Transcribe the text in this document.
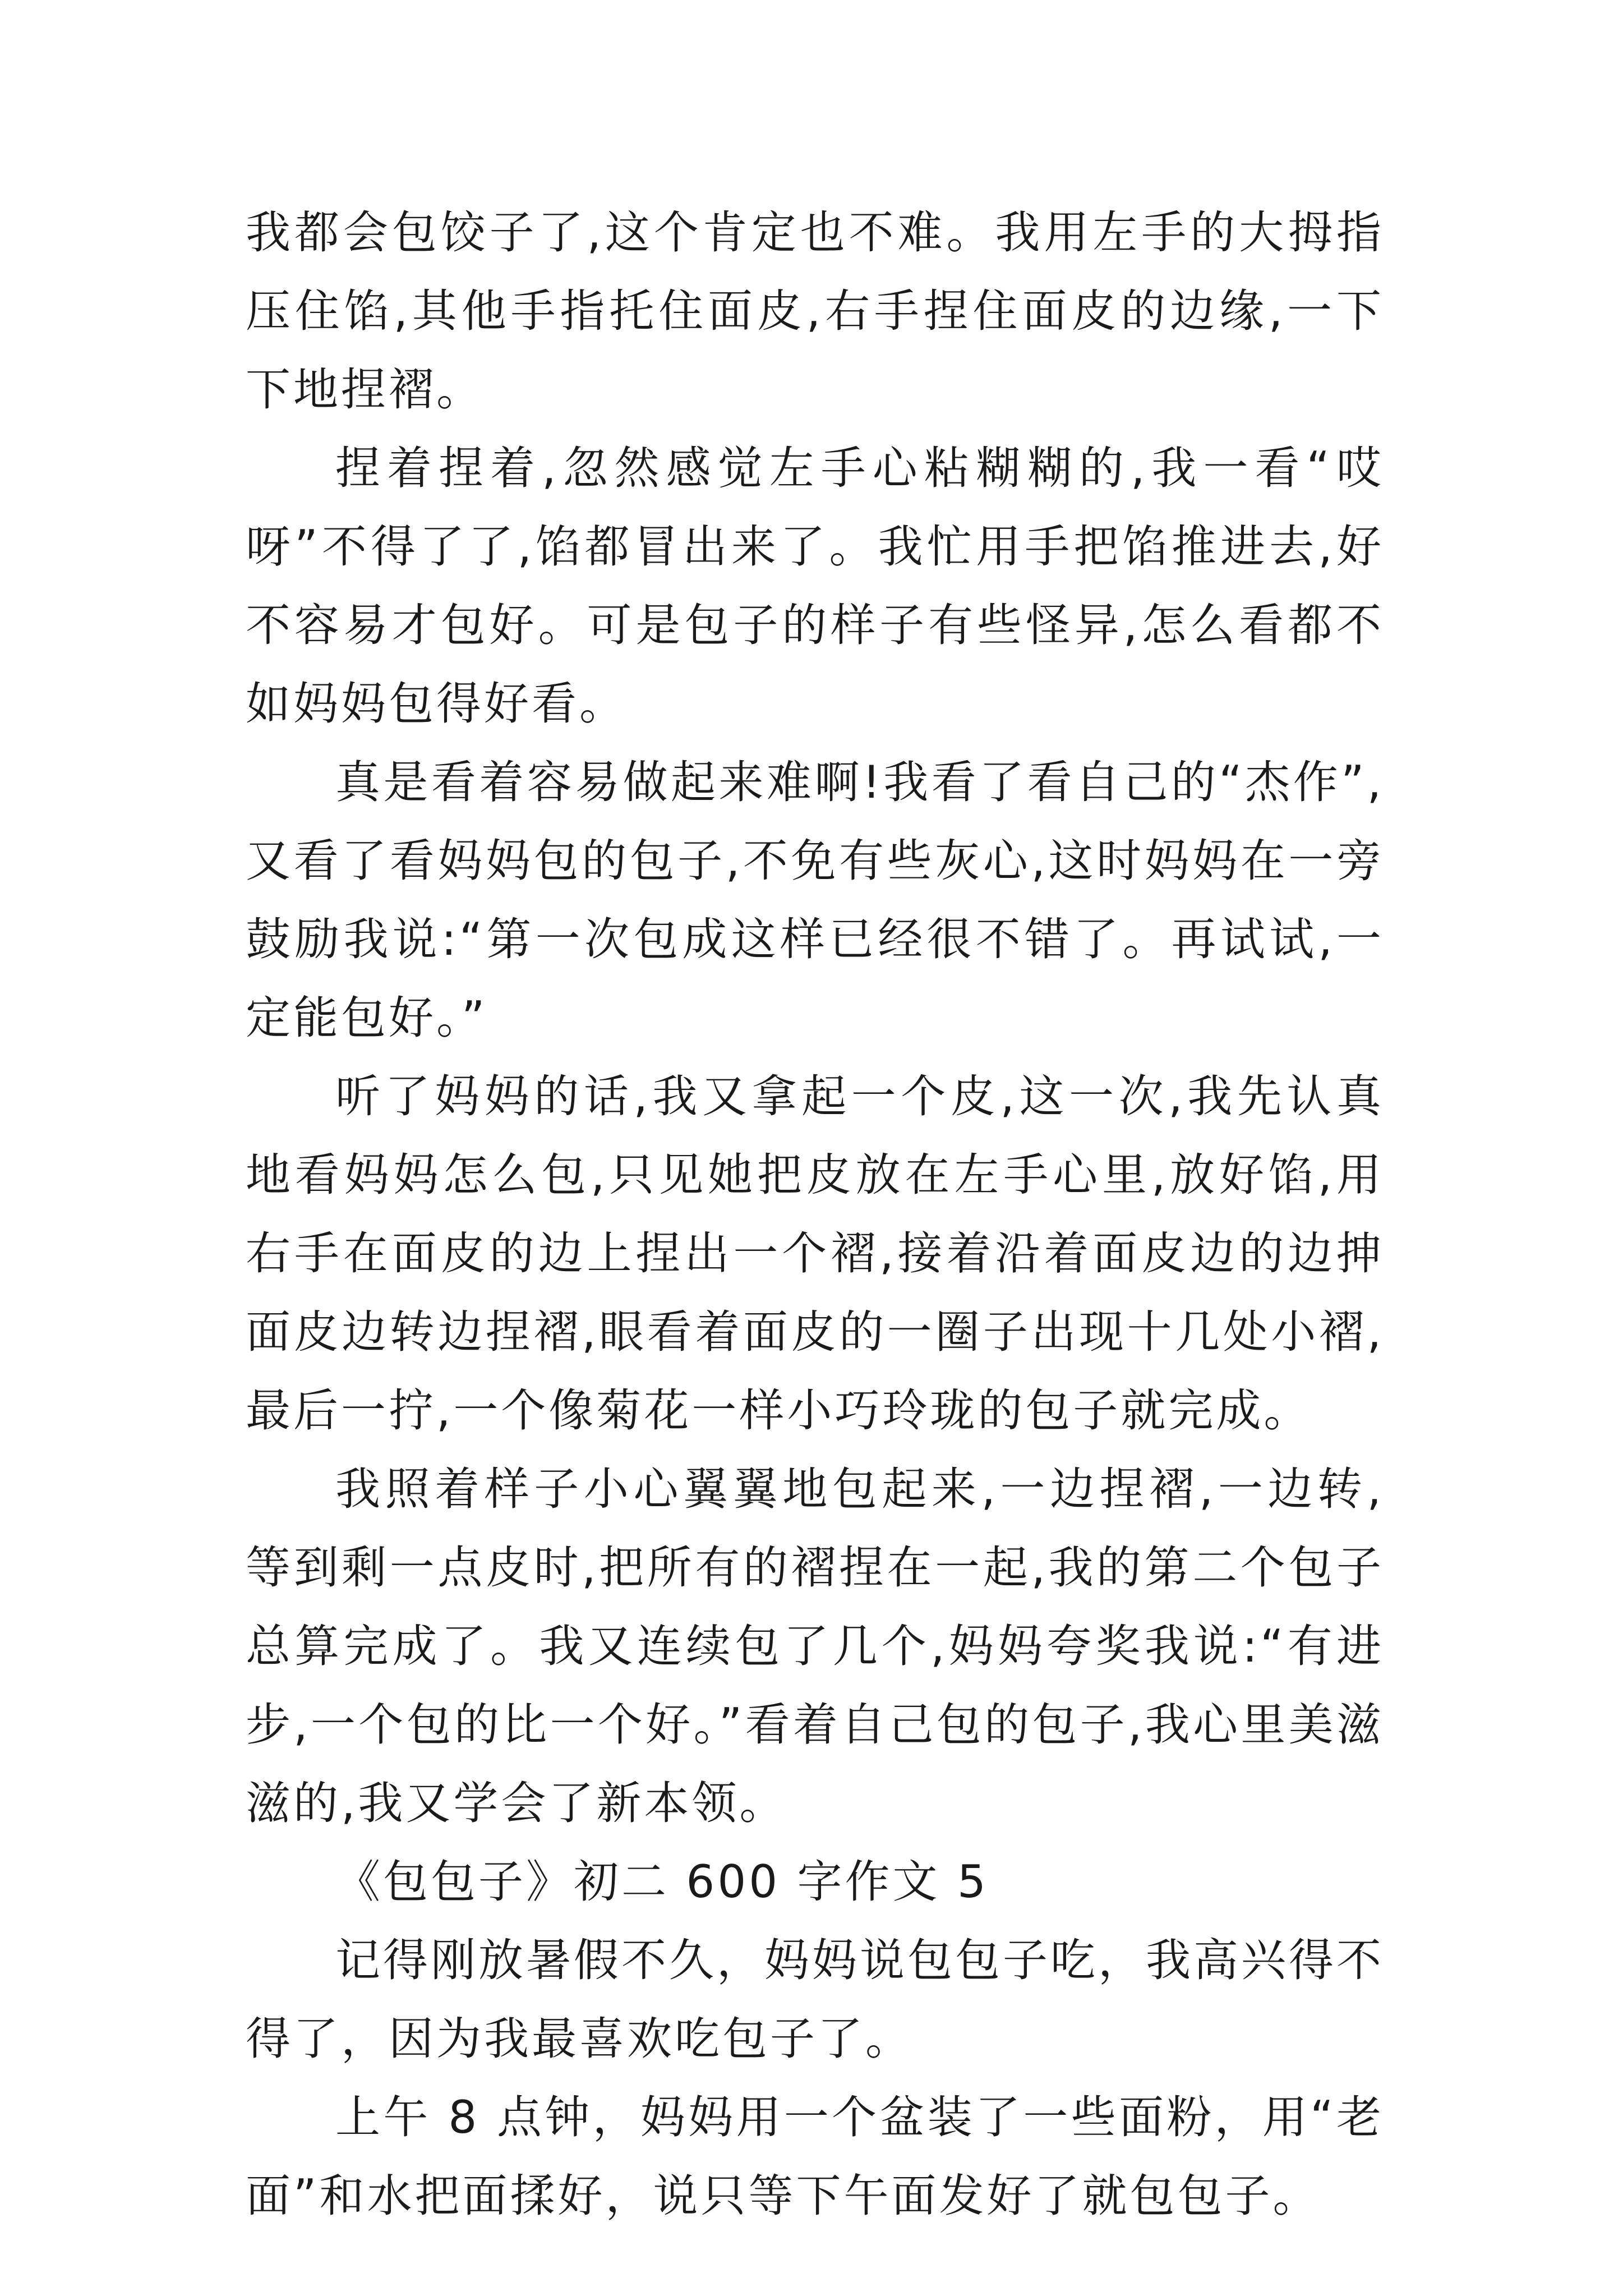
我都会包饺子了,这个肯定也不难。我用左手的大拇指压住馅,其他手指托住面皮,右手捏住面皮的边缘,一下下地捏褶。

捏着捏着,忽然感觉左手心粘糊糊的,我一看“哎呀”不得了了,馅都冒出来了。我忙用手把馅推进去,好不容易才包好。可是包子的样子有些怪异,怎么看都不如妈妈包得好看。

真是看着容易做起来难啊!我看了看自己的“杰作”,又看了看妈妈包的包子,不免有些灰心,这时妈妈在一旁鼓励我说:“第一次包成这样已经很不错了。再试试,一定能包好。”

听了妈妈的话,我又拿起一个皮,这一次,我先认真地看妈妈怎么包,只见她把皮放在左手心里,放好馅,用右手在面皮的边上捏出一个褶,接着沿着面皮边的边抻面皮边转边捏褶,眼看着面皮的一圈子出现十几处小褶,最后一拧,一个像菊花一样小巧玲珑的包子就完成。

我照着样子小心翼翼地包起来,一边捏褶,一边转,等到剩一点皮时,把所有的褶捏在一起,我的第二个包子总算完成了。我又连续包了几个,妈妈夸奖我说:“有进步,一个包的比一个好。”看着自己包的包子,我心里美滋滋的,我又学会了新本领。

《包包子》初二 600 字作文 5

记得刚放暑假不久，妈妈说包包子吃，我高兴得不得了，因为我最喜欢吃包子了。

上午 8 点钟，妈妈用一个盆装了一些面粉，用“老面”和水把面揉好，说只等下午面发好了就包包子。
